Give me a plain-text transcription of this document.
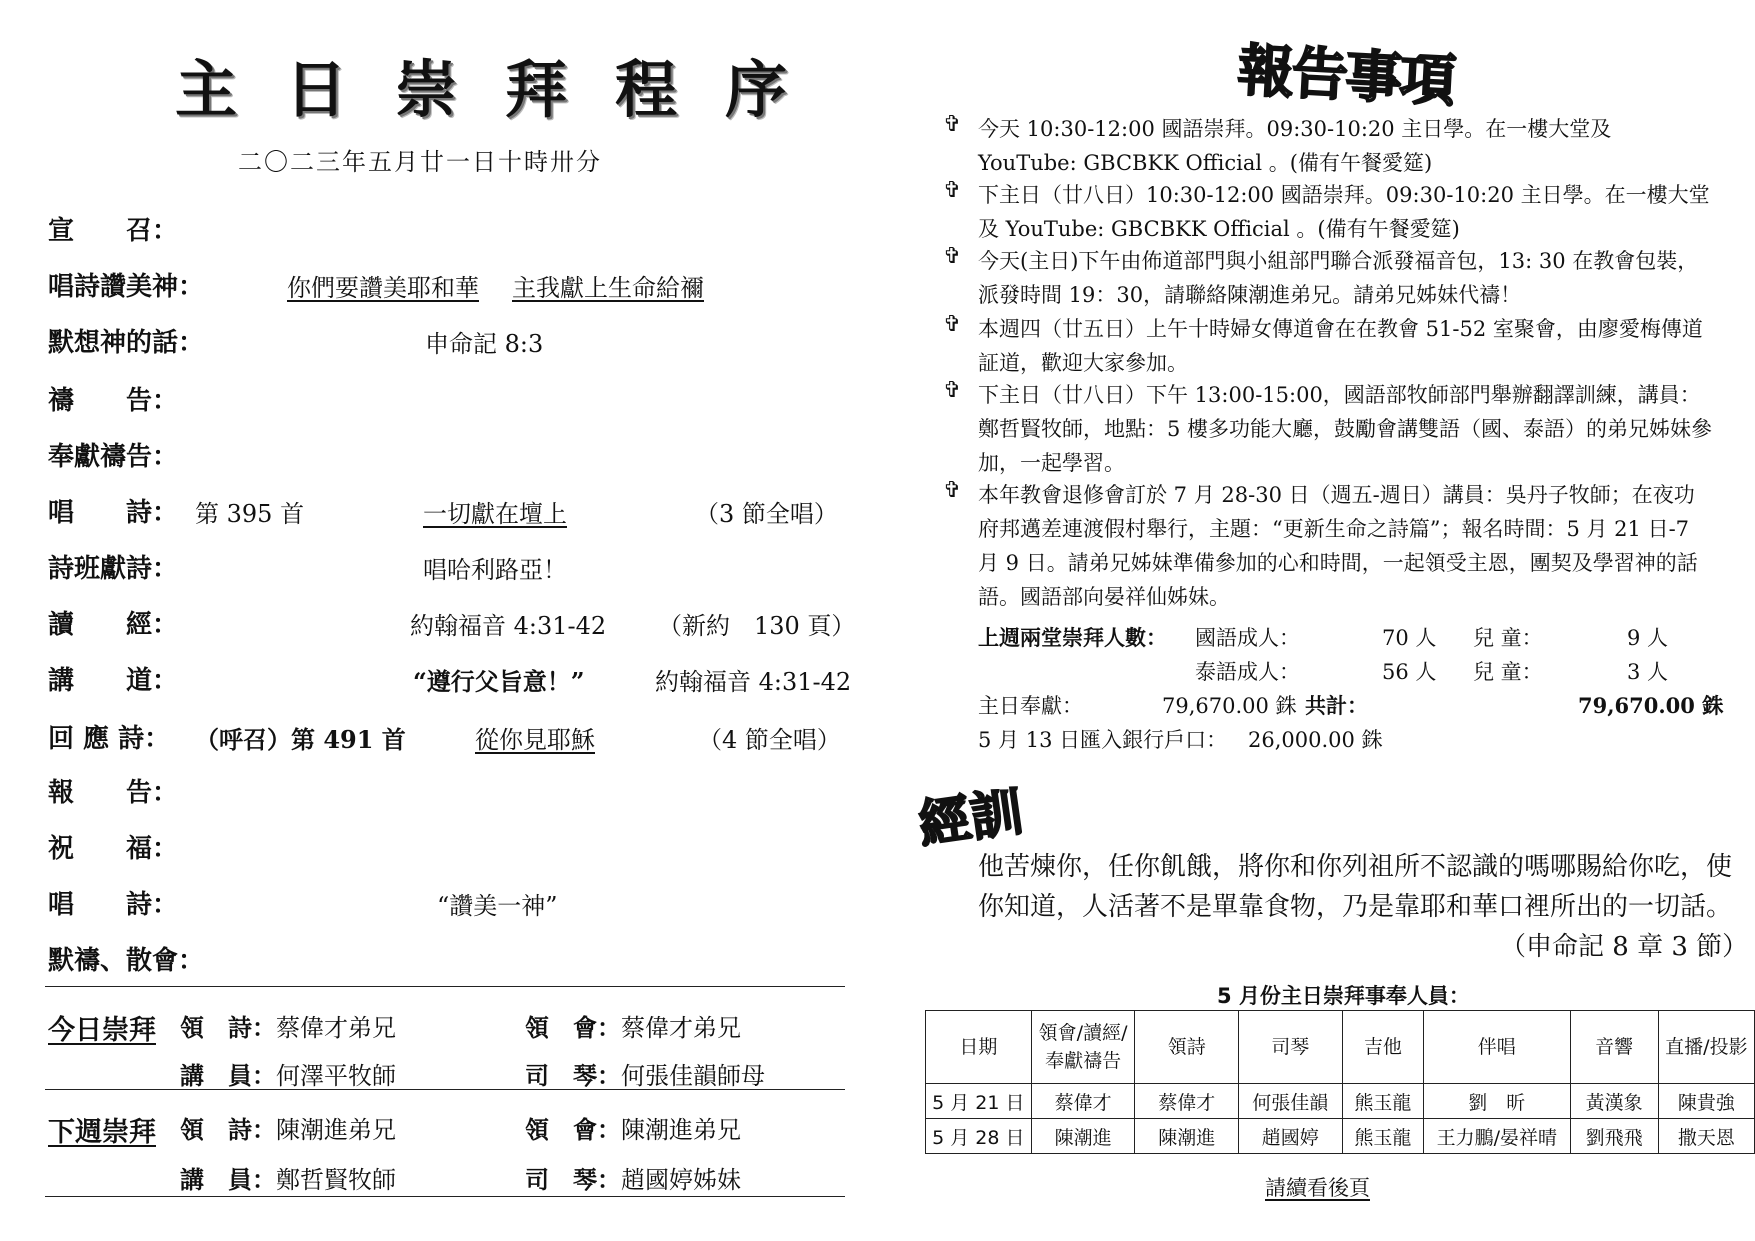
主日崇拜程序
二〇二三年五月廿一日十時卅分
宣　　召：
唱詩讚美神：	你們要讚美耶和華 主我獻上生命給禰
默想神的話：	申命記 8:3
禱　　告：
奉獻禱告：
唱　　詩： 第 395 首	一切獻在壇上	（3 節全唱）
詩班獻詩：	唱哈利路亞！
讀　　經：	約翰福音 4:31-42 （新約　130 頁）
講　　道：	“遵行父旨意！”	約翰福音 4:31-42
回 應 詩： （呼召）第 491 首	從你見耶穌	（4 節全唱）
報　　告：
祝　　福：
唱　　詩：	“讚美一神”
默禱、散會：
今日崇拜 領　詩：蔡偉才弟兄	領　會：蔡偉才弟兄
講　員：何澤平牧師	司　琴：何張佳韻師母
下週崇拜 領　詩：陳潮進弟兄	領　會：陳潮進弟兄
講　員：鄭哲賢牧師	司　琴：趙國婷姊妹
報告事項
✞ 今天 10:30-12:00 國語崇拜。09:30-10:20 主日學。在一樓大堂及 YouTube: GBCBKK Official 。(備有午餐愛筵)
✞ 下主日（廿八日）10:30-12:00 國語崇拜。09:30-10:20 主日學。在一樓大堂及 YouTube: GBCBKK Official 。(備有午餐愛筵)
✞ 今天(主日)下午由佈道部門與小組部門聯合派發福音包，13: 30 在教會包裝，派發時間 19：30，請聯絡陳潮進弟兄。請弟兄姊妹代禱！
✞ 本週四（廿五日）上午十時婦女傳道會在在教會 51-52 室聚會，由廖愛梅傳道証道，歡迎大家參加。
✞ 下主日（廿八日）下午 13:00-15:00，國語部牧師部門舉辦翻譯訓練，講員：鄭哲賢牧師，地點：5 樓多功能大廳，鼓勵會講雙語（國、泰語）的弟兄姊妹參加，一起學習。
✞ 本年教會退修會訂於 7 月 28-30 日（週五-週日）講員：吳丹子牧師；在夜功府邦邁差連渡假村舉行，主題：“更新生命之詩篇”；報名時間：5 月 21 日-7 月 9 日。請弟兄姊妹準備參加的心和時間，一起領受主恩，團契及學習神的話語。國語部向晏祥仙姊妹。
上週兩堂崇拜人數： 國語成人：	70 人 兒 童：	9 人
泰語成人：	56 人 兒 童：	3 人
主日奉獻：	79,670.00 銖 共計：	79,670.00 銖
5 月 13 日匯入銀行戶口： 26,000.00 銖
經訓
他苦煉你，任你飢餓，將你和你列祖所不認識的嗎哪賜給你吃，使
你知道，人活著不是單靠食物，乃是靠耶和華口裡所出的一切話。
（申命記 8 章 3 節）
5 月份主日崇拜事奉人員：
日期	領會/讀經/奉獻禱告	領詩	司琴	吉他	伴唱	音響	直播/投影
5 月 21 日	蔡偉才	蔡偉才	何張佳韻	熊玉龍	劉　昕	黃漢象	陳貴強
5 月 28 日	陳潮進	陳潮進	趙國婷	熊玉龍	王力鵬/晏祥晴	劉飛飛	撒天恩
請續看後頁
